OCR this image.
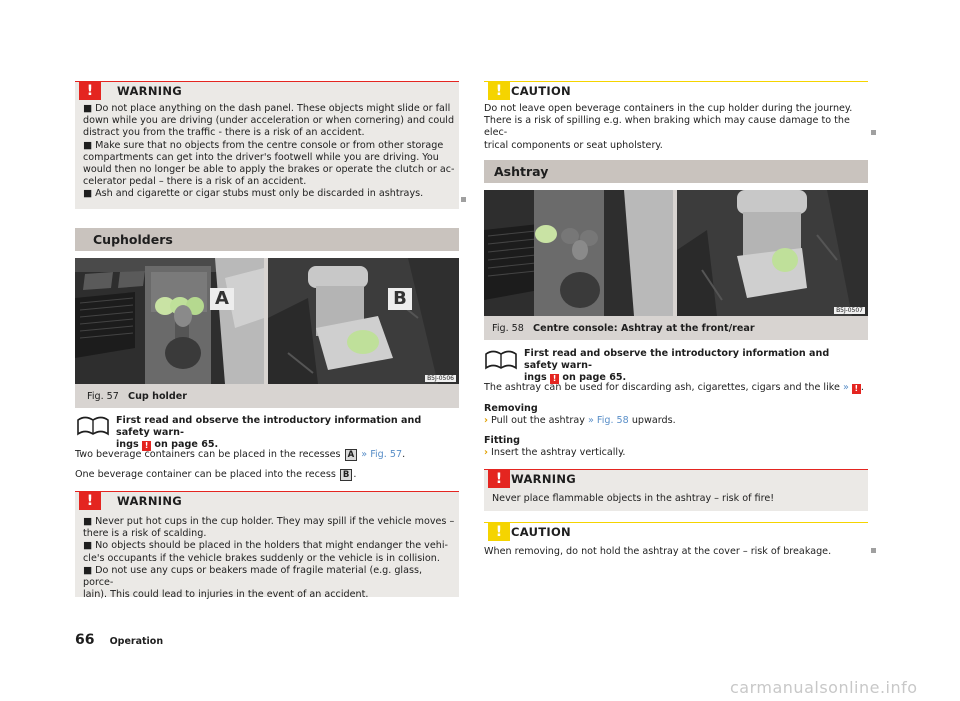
!	WARNING

■ Do not place anything on the dash panel. These objects might slide or fall

down while you are driving (under acceleration or when cornering) and could

distract you from the traffic - there is a risk of an accident.

■ Make sure that no objects from the centre console or from other storage

compartments can get into the driver's footwell while you are driving. You

would then no longer be able to apply the brakes or operate the clutch or ac-

celerator pedal – there is a risk of an accident.

■ Ash and cigarette or cigar stubs must only be discarded in ashtrays.

Cupholders
A	B
B5J-0506
Fig. 57 Cup holder
First read and observe the introductory information and safety warn-
ings ! on page 65.
Two beverage containers can be placed in the recesses A » Fig. 57.
One beverage container can be placed into the recess B .
!	WARNING

■ Never put hot cups in the cup holder. They may spill if the vehicle moves –

there is a risk of scalding.

■ No objects should be placed in the holders that might endanger the vehi-

cle's occupants if the vehicle brakes suddenly or the vehicle is in collision.

■ Do not use any cups or beakers made of fragile material (e.g. glass, porce-

lain). This could lead to injuries in the event of an accident.

! CAUTION

Do not leave open beverage containers in the cup holder during the journey.

There is a risk of spilling e.g. when braking which may cause damage to the elec-

trical components or seat upholstery.

Ashtray
B5J-0507
Fig. 58 Centre console: Ashtray at the front/rear
First read and observe the introductory information and safety warn-
ings ! on page 65.
The ashtray can be used for discarding ash, cigarettes, cigars and the like » ! .
Removing
› Pull out the ashtray » Fig. 58 upwards.
Fitting
› Insert the ashtray vertically.
! WARNING
Never place flammable objects in the ashtray – risk of fire!
! CAUTION
When removing, do not hold the ashtray at the cover – risk of breakage.
66 Operation
carmanualsonline.info
